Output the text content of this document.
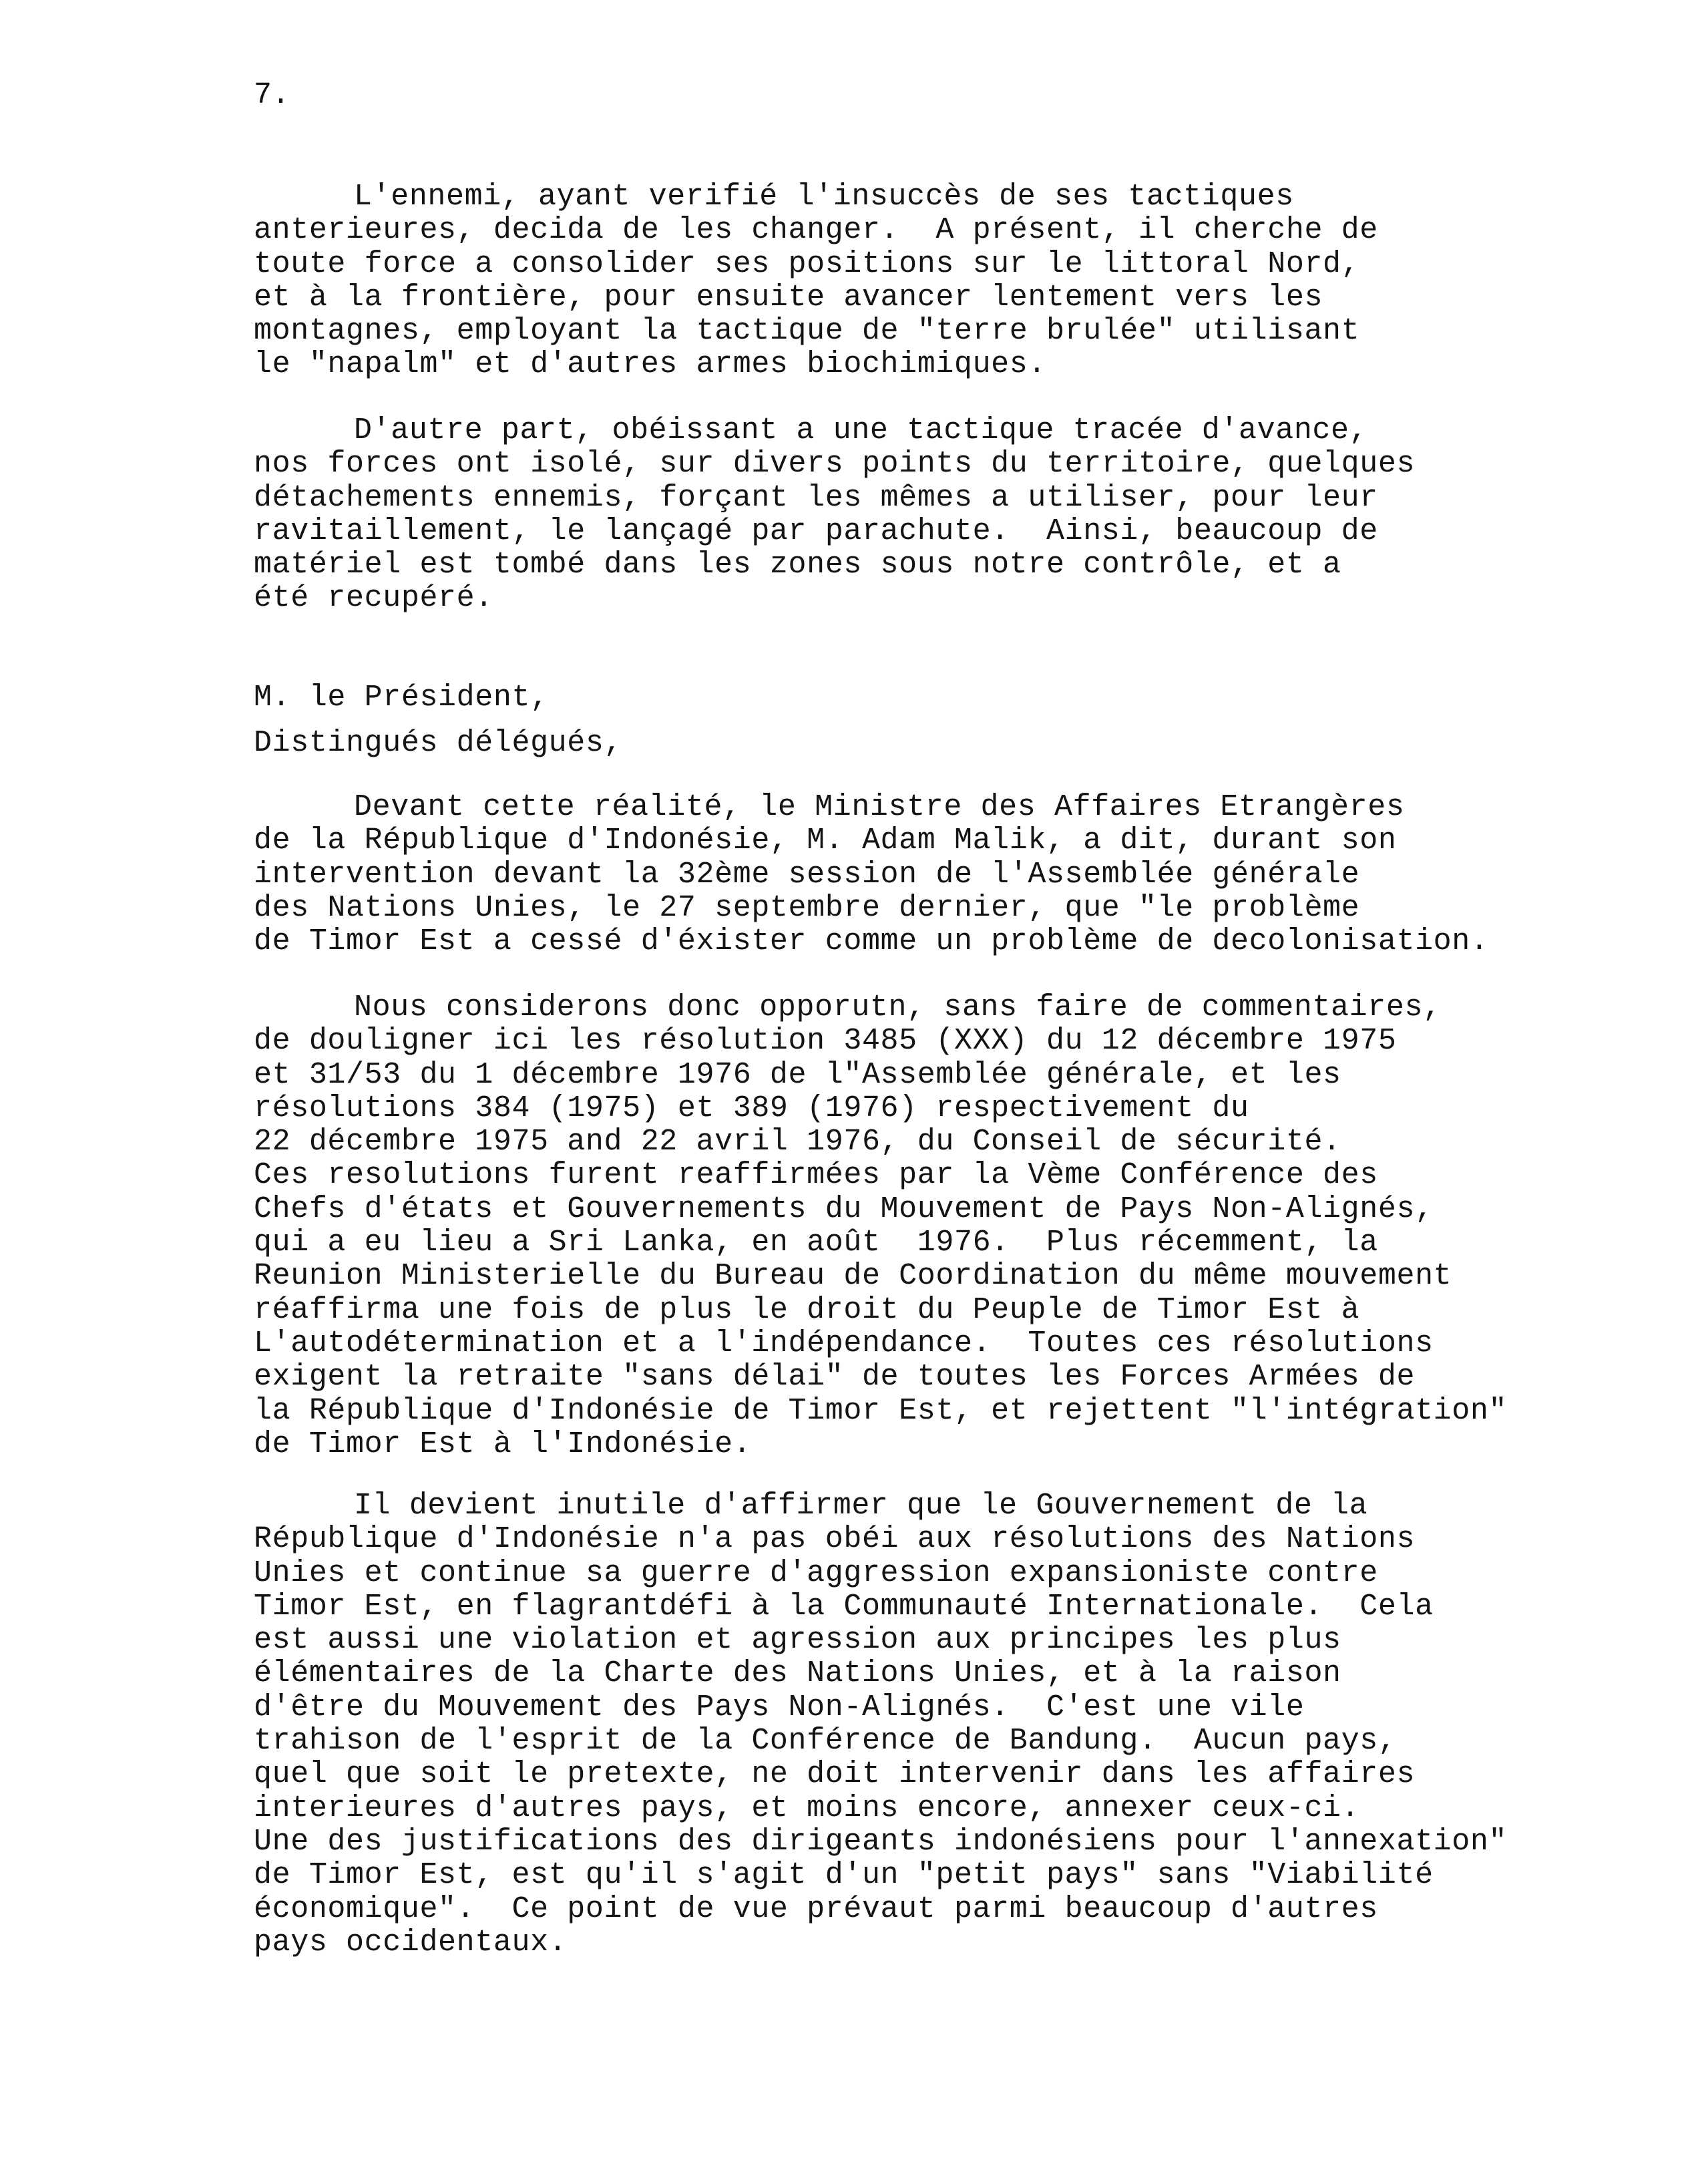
7.
L'ennemi, ayant verifié l'insuccès de ses tactiques
anterieures, decida de les changer.  A présent, il cherche de
toute force a consolider ses positions sur le littoral Nord,
et à la frontière, pour ensuite avancer lentement vers les
montagnes, employant la tactique de "terre brulée" utilisant
le "napalm" et d'autres armes biochimiques.
D'autre part, obéissant a une tactique tracée d'avance,
nos forces ont isolé, sur divers points du territoire, quelques
détachements ennemis, forçant les mêmes a utiliser, pour leur
ravitaillement, le lançagé par parachute.  Ainsi, beaucoup de
matériel est tombé dans les zones sous notre contrôle, et a
été recupéré.
M. le Président,
Distingués délégués,
Devant cette réalité, le Ministre des Affaires Etrangères
de la République d'Indonésie, M. Adam Malik, a dit, durant son
intervention devant la 32ème session de l'Assemblée générale
des Nations Unies, le 27 septembre dernier, que "le problème
de Timor Est a cessé d'éxister comme un problème de decolonisation.
Nous considerons donc opporutn, sans faire de commentaires,
de douligner ici les résolution 3485 (XXX) du 12 décembre 1975
et 31/53 du 1 décembre 1976 de l"Assemblée générale, et les
résolutions 384 (1975) et 389 (1976) respectivement du
22 décembre 1975 and 22 avril 1976, du Conseil de sécurité.
Ces resolutions furent reaffirmées par la Vème Conférence des
Chefs d'états et Gouvernements du Mouvement de Pays Non-Alignés,
qui a eu lieu a Sri Lanka, en août  1976.  Plus récemment, la
Reunion Ministerielle du Bureau de Coordination du même mouvement
réaffirma une fois de plus le droit du Peuple de Timor Est à
L'autodétermination et a l'indépendance.  Toutes ces résolutions
exigent la retraite "sans délai" de toutes les Forces Armées de
la République d'Indonésie de Timor Est, et rejettent "l'intégration"
de Timor Est à l'Indonésie.
Il devient inutile d'affirmer que le Gouvernement de la
République d'Indonésie n'a pas obéi aux résolutions des Nations
Unies et continue sa guerre d'aggression expansioniste contre
Timor Est, en flagrantdéfi à la Communauté Internationale.  Cela
est aussi une violation et agression aux principes les plus
élémentaires de la Charte des Nations Unies, et à la raison
d'être du Mouvement des Pays Non-Alignés.  C'est une vile
trahison de l'esprit de la Conférence de Bandung.  Aucun pays,
quel que soit le pretexte, ne doit intervenir dans les affaires
interieures d'autres pays, et moins encore, annexer ceux-ci.
Une des justifications des dirigeants indonésiens pour l'annexation"
de Timor Est, est qu'il s'agit d'un "petit pays" sans "Viabilité
économique".  Ce point de vue prévaut parmi beaucoup d'autres
pays occidentaux.
